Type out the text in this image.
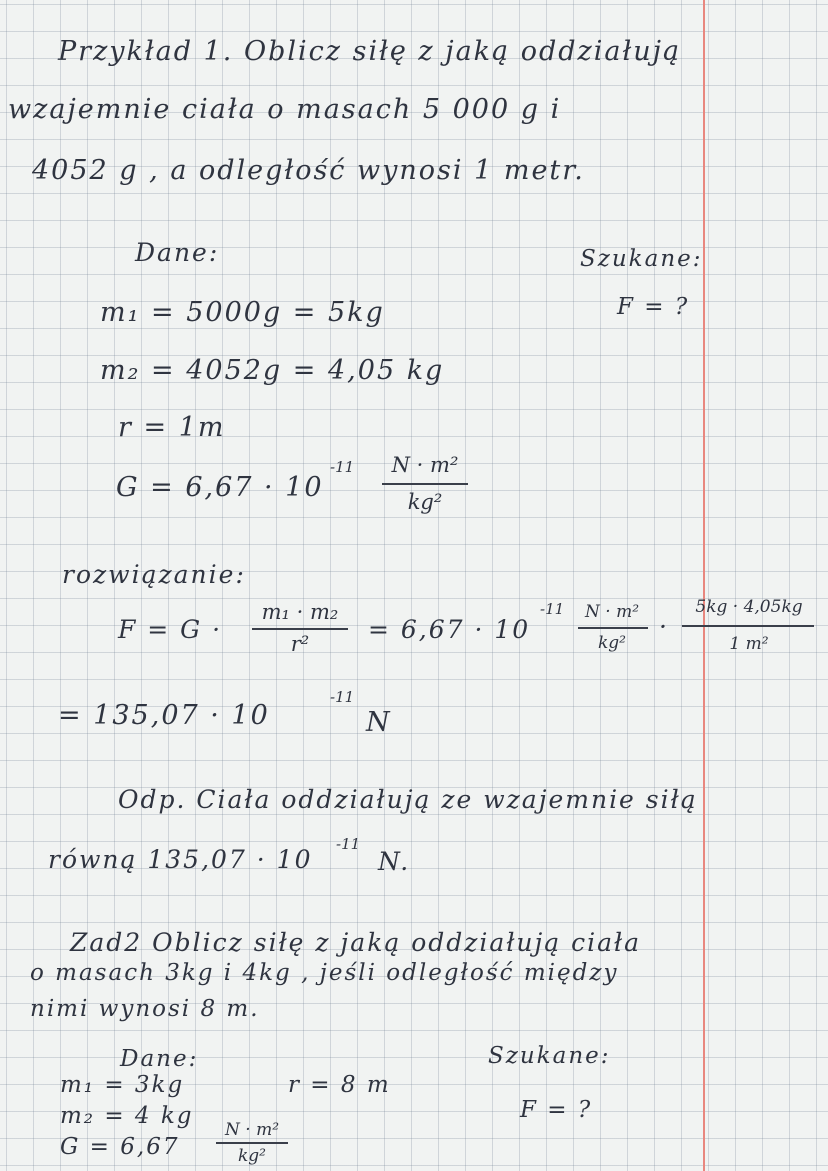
Przykład 1. Oblicz siłę z jaką oddziałują
wzajemnie ciała o masach 5 000 g i
4052 g , a odległość wynosi 1 metr.
Dane:	Szukane:
F = ?
m₁ = 5000g = 5kg
m₂ = 4052g = 4,05 kg
r = 1m
G = 6,67 · 10
-11	N · m²
kg²
rozwiązanie:
F = G ·
m₁ · m₂
r²	= 6,67 · 10
-11	N · m²
kg²
·
5kg · 4,05kg
1 m²
= 135,07 · 10
-11
N
Odp. Ciała oddziałują ze wzajemnie siłą
równą 135,07 · 10
-11
N.
Zad2 Oblicz siłę z jaką oddziałują ciała
o masach 3kg i 4kg , jeśli odległość między
nimi wynosi 8 m.
Dane:	Szukane:
F = ?
m₁ = 3kg	r = 8 m
m₂ = 4 kg
G = 6,67
N · m²
kg²
